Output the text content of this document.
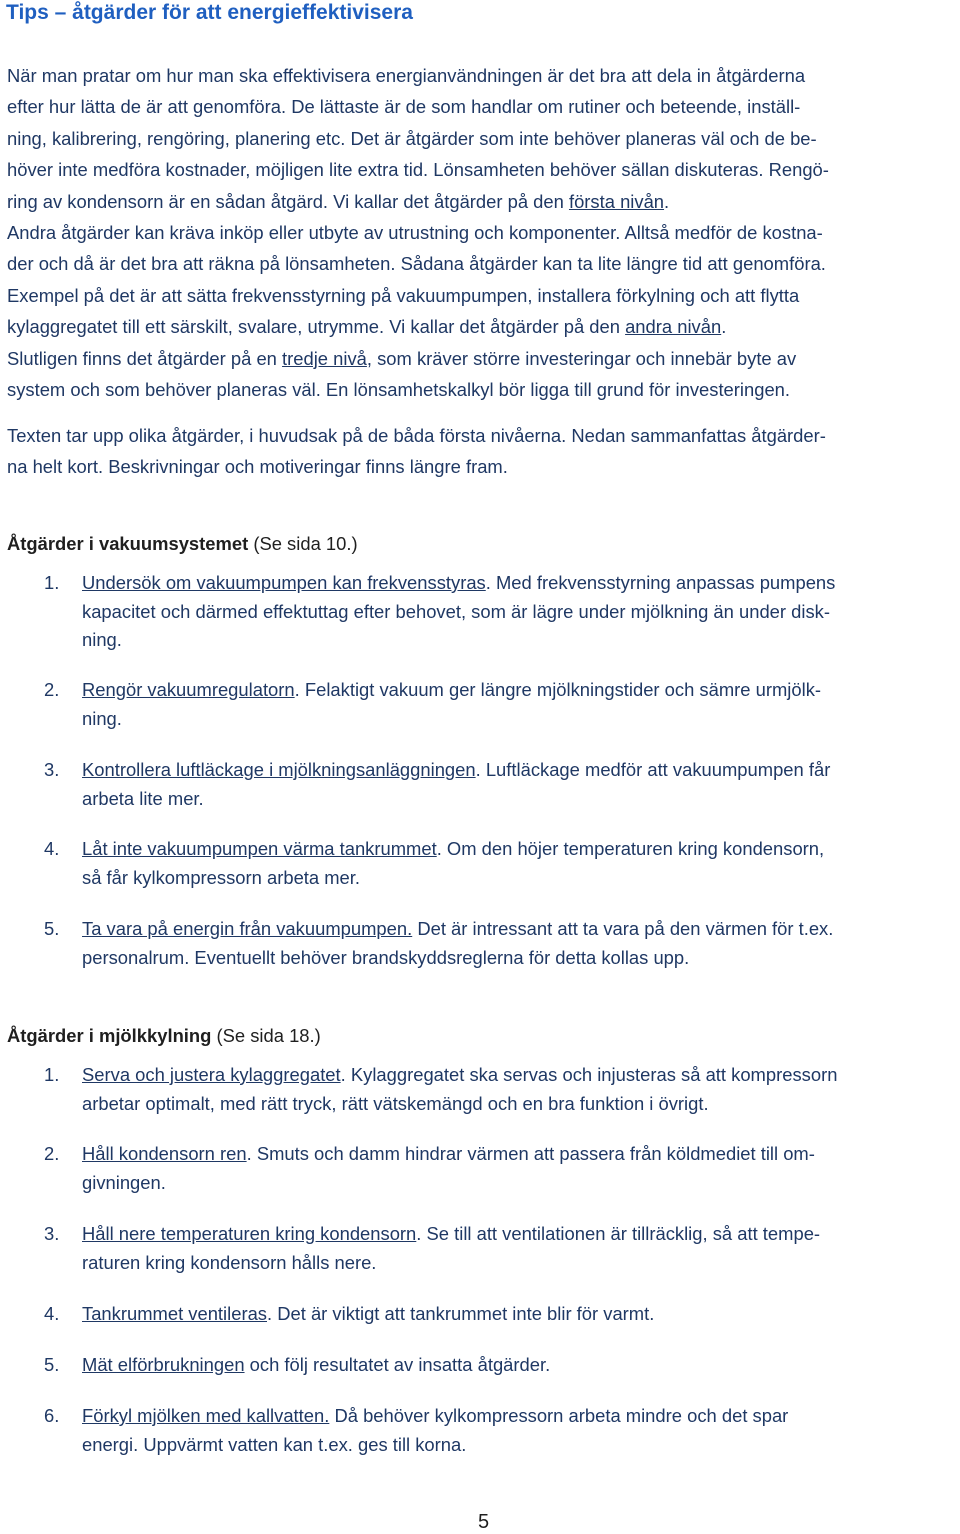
Tips – åtgärder för att energieffektivisera
När man pratar om hur man ska effektivisera energianvändningen är det bra att dela in åtgärderna
efter hur lätta de är att genomföra. De lättaste är de som handlar om rutiner och beteende, inställ-
ning, kalibrering, rengöring, planering etc. Det är åtgärder som inte behöver planeras väl och de be-
höver inte medföra kostnader, möjligen lite extra tid. Lönsamheten behöver sällan diskuteras. Rengö-
ring av kondensorn är en sådan åtgärd. Vi kallar det åtgärder på den första nivån.
Andra åtgärder kan kräva inköp eller utbyte av utrustning och komponenter. Alltså medför de kostna-
der och då är det bra att räkna på lönsamheten. Sådana åtgärder kan ta lite längre tid att genomföra.
Exempel på det är att sätta frekvensstyrning på vakuumpumpen, installera förkylning och att flytta
kylaggregatet till ett särskilt, svalare, utrymme. Vi kallar det åtgärder på den andra nivån.
Slutligen finns det åtgärder på en tredje nivå, som kräver större investeringar och innebär byte av
system och som behöver planeras väl. En lönsamhetskalkyl bör ligga till grund för investeringen.
Texten tar upp olika åtgärder, i huvudsak på de båda första nivåerna. Nedan sammanfattas åtgärder-
na helt kort. Beskrivningar och motiveringar finns längre fram.
Åtgärder i vakuumsystemet (Se sida 10.)
1. Undersök om vakuumpumpen kan frekvensstyras. Med frekvensstyrning anpassas pumpens
kapacitet och därmed effektuttag efter behovet, som är lägre under mjölkning än under disk-
ning.
2. Rengör vakuumregulatorn. Felaktigt vakuum ger längre mjölkningstider och sämre urmjölk-
ning.
3. Kontrollera luftläckage i mjölkningsanläggningen. Luftläckage medför att vakuumpumpen får
arbeta lite mer.
4. Låt inte vakuumpumpen värma tankrummet. Om den höjer temperaturen kring kondensorn,
så får kylkompressorn arbeta mer.
5. Ta vara på energin från vakuumpumpen. Det är intressant att ta vara på den värmen för t.ex.
personalrum. Eventuellt behöver brandskyddsreglerna för detta kollas upp.
Åtgärder i mjölkkylning (Se sida 18.)
1. Serva och justera kylaggregatet. Kylaggregatet ska servas och injusteras så att kompressorn
arbetar optimalt, med rätt tryck, rätt vätskemängd och en bra funktion i övrigt.
2. Håll kondensorn ren. Smuts och damm hindrar värmen att passera från köldmediet till om-
givningen.
3. Håll nere temperaturen kring kondensorn. Se till att ventilationen är tillräcklig, så att tempe-
raturen kring kondensorn hålls nere.
4. Tankrummet ventileras. Det är viktigt att tankrummet inte blir för varmt.
5. Mät elförbrukningen och följ resultatet av insatta åtgärder.
6. Förkyl mjölken med kallvatten. Då behöver kylkompressorn arbeta mindre och det spar
energi. Uppvärmt vatten kan t.ex. ges till korna.
5
